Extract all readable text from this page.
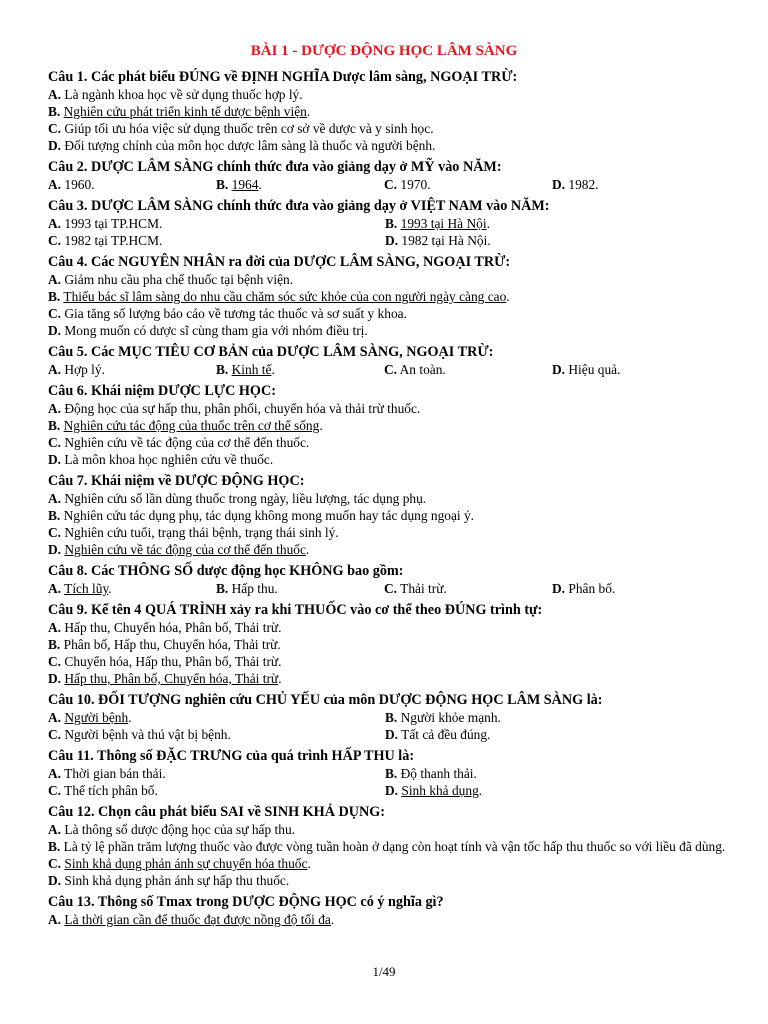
BÀI 1 - DƯỢC ĐỘNG HỌC LÂM SÀNG
Câu 1. Các phát biểu ĐÚNG về ĐỊNH NGHĨA Dược lâm sàng, NGOẠI TRỪ:
A. Là ngành khoa học về sử dụng thuốc hợp lý.
B. Nghiên cứu phát triển kinh tế dược bệnh viện.
C. Giúp tối ưu hóa việc sử dụng thuốc trên cơ sở về dược và y sinh học.
D. Đối tượng chính của môn học dược lâm sàng là thuốc và người bệnh.
Câu 2. DƯỢC LÂM SÀNG chính thức đưa vào giảng dạy ở MỸ vào NĂM:
A. 1960.	B. 1964.	C. 1970.	D. 1982.
Câu 3. DƯỢC LÂM SÀNG chính thức đưa vào giảng dạy ở VIỆT NAM vào NĂM:
A. 1993 tại TP.HCM.	B. 1993 tại Hà Nội.
C. 1982 tại TP.HCM.	D. 1982 tại Hà Nội.
Câu 4. Các NGUYÊN NHÂN ra đời của DƯỢC LÂM SÀNG, NGOẠI TRỪ:
A. Giảm nhu cầu pha chế thuốc tại bệnh viện.
B. Thiếu bác sĩ lâm sàng do nhu cầu chăm sóc sức khỏe của con người ngày càng cao.
C. Gia tăng số lượng báo cáo về tương tác thuốc và sơ suất y khoa.
D. Mong muốn có dược sĩ cùng tham gia với nhóm điều trị.
Câu 5. Các MỤC TIÊU CƠ BẢN của DƯỢC LÂM SÀNG, NGOẠI TRỪ:
A. Hợp lý.	B. Kinh tế.	C. An toàn.	D. Hiệu quả.
Câu 6. Khái niệm DƯỢC LỰC HỌC:
A. Động học của sự hấp thu, phân phối, chuyển hóa và thải trừ thuốc.
B. Nghiên cứu tác động của thuốc trên cơ thể sống.
C. Nghiên cứu về tác động của cơ thể đến thuốc.
D. Là môn khoa học nghiên cứu về thuốc.
Câu 7. Khái niệm về DƯỢC ĐỘNG HỌC:
A. Nghiên cứu số lần dùng thuốc trong ngày, liều lượng, tác dụng phụ.
B. Nghiên cứu tác dụng phụ, tác dụng không mong muốn hay tác dụng ngoại ý.
C. Nghiên cứu tuổi, trạng thái bệnh, trạng thái sinh lý.
D. Nghiên cứu về tác động của cơ thể đến thuốc.
Câu 8. Các THÔNG SỐ dược động học KHÔNG bao gồm:
A. Tích lũy.	B. Hấp thu.	C. Thải trừ.	D. Phân bố.
Câu 9. Kể tên 4 QUÁ TRÌNH xảy ra khi THUỐC vào cơ thể theo ĐÚNG trình tự:
A. Hấp thu, Chuyển hóa, Phân bố, Thải trừ.
B. Phân bố, Hấp thu, Chuyển hóa, Thải trừ.
C. Chuyển hóa, Hấp thu, Phân bố, Thải trừ.
D. Hấp thu, Phân bố, Chuyển hóa, Thải trừ.
Câu 10. ĐỐI TƯỢNG nghiên cứu CHỦ YẾU của môn DƯỢC ĐỘNG HỌC LÂM SÀNG là:
A. Người bệnh.	B. Người khỏe mạnh.
C. Người bệnh và thú vật bị bệnh.	D. Tất cả đều đúng.
Câu 11. Thông số ĐẶC TRƯNG của quá trình HẤP THU là:
A. Thời gian bán thải.	B. Độ thanh thải.
C. Thể tích phân bố.	D. Sinh khả dụng.
Câu 12. Chọn câu phát biểu SAI về SINH KHẢ DỤNG:
A. Là thông số dược động học của sự hấp thu.
B. Là tỷ lệ phần trăm lượng thuốc vào được vòng tuần hoàn ở dạng còn hoạt tính và vận tốc hấp thu thuốc so với liều đã dùng.
C. Sinh khả dụng phản ánh sự chuyển hóa thuốc.
D. Sinh khả dụng phản ánh sự hấp thu thuốc.
Câu 13. Thông số Tmax trong DƯỢC ĐỘNG HỌC có ý nghĩa gì?
A. Là thời gian cần để thuốc đạt được nồng độ tối đa.
1/49
